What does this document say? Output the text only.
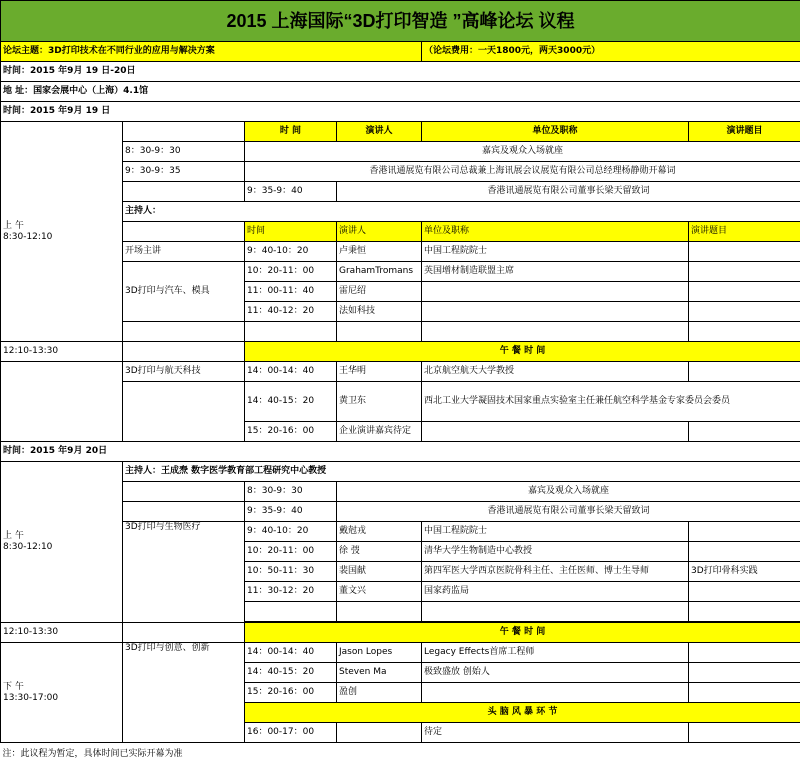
2015 上海国际“3D打印智造 ”高峰论坛 议程					
论坛主题：3D打印技术在不同行业的应用与解决方案				（论坛费用：一天1800元，两天3000元）	
时间：2015 年9月 19 日-20日					
地 址：国家会展中心（上海）4.1馆					
时间：2015 年9月 19 日					
上 午
8:30-12:10		时 间	演讲人	单位及职称	演讲题目
	8：30-9：30	嘉宾及观众入场就座			
	9：30-9：35	香港讯通展览有限公司总裁兼上海讯展会议展览有限公司总经理杨静勋开幕词			
		9：35-9：40	香港讯通展览有限公司董事长梁天留致词		
	主持人：				
		时间	演讲人	单位及职称	演讲题目
	开场主讲	9：40-10：20	卢秉恒	中国工程院院士	
	3D打印与汽车、模具	10：20-11：00	GrahamTromans	英国增材制造联盟主席	
		11：00-11：40	雷尼绍		
		11：40-12：20	法如科技		

12:10-13:30		午 餐 时 间			
	3D打印与航天科技	14：00-14：40	王华明	北京航空航天大学教授	
		14：40-15：20	黄卫东	西北工业大学凝固技术国家重点实验室主任兼任航空科学基金专家委员会委员	
		15：20-16：00	企业演讲嘉宾待定		
时间：2015 年9月 20日					
上 午
8:30-12:10	主持人：王成焘 数字医学教育部工程研究中心教授				
		8：30-9：30	嘉宾及观众入场就座		
		9：35-9：40	香港讯通展览有限公司董事长梁天留致词		
	3D打印与生物医疗	9：40-10：20	戴尅戎	中国工程院院士	
		10：20-11：00	徐 弢	清华大学生物制造中心教授	
		10：50-11：30	裴国献	第四军医大学西京医院骨科主任、主任医师、博士生导师	3D打印骨科实践
		11：30-12：20	董文兴	国家药监局	

12:10-13:30		午 餐 时 间			
下 午
13:30-17:00	3D打印与创意、创新	14：00-14：40	Jason Lopes	Legacy Effects首席工程师	
		14：40-15：20	Steven Ma	极致盛放 创始人	
		15：20-16：00	盈创		
		头 脑 风 暴 环 节			
		16：00-17：00		待定	
注：此议程为暂定，具体时间已实际开幕为准					
